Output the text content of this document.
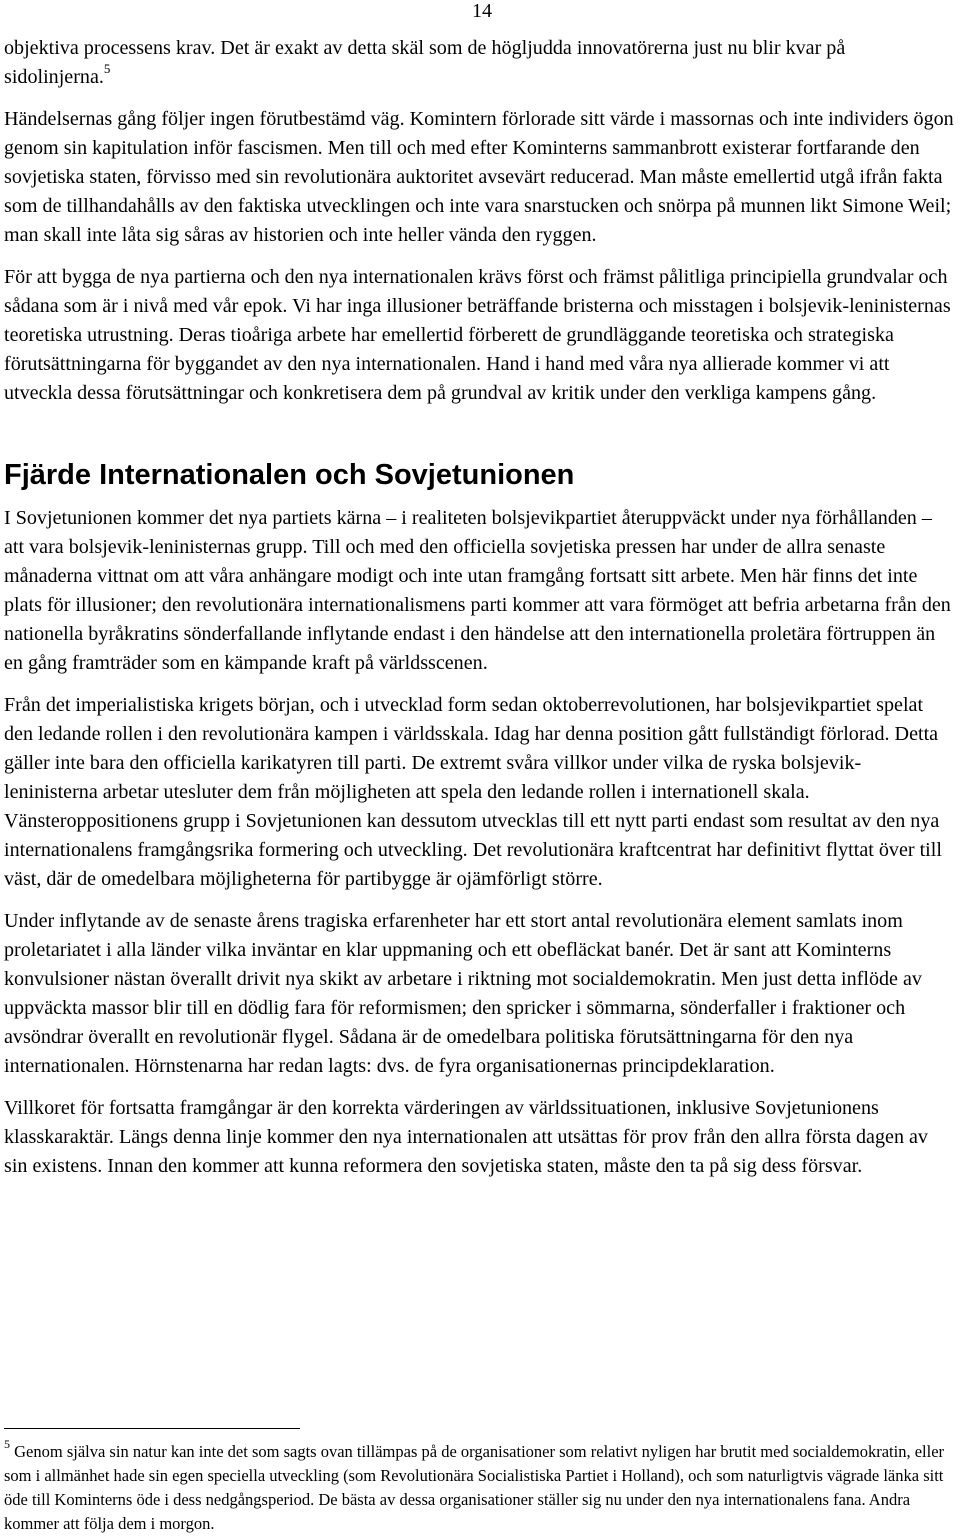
14

objektiva processens krav. Det är exakt av detta skäl som de högljudda innovatörerna just nu blir kvar på sidolinjerna.$^5$

Händelsernas gång följer ingen förutbestämd väg. Komintern förlorade sitt värde i massornas och inte individers ögon genom sin kapitulation inför fascismen. Men till och med efter Kominterns sammanbrott existerar fortfarande den sovjetiska staten, förvisso med sin revolutionära auktoritet avsevärt reducerad. Man måste emellertid utgå ifrån fakta som de tillhandahålls av den faktiska utvecklingen och inte vara snarstucken och snörpa på munnen likt Simone Weil; man skall inte låta sig såras av historien och inte heller vända den ryggen.

För att bygga de nya partierna och den nya internationalen krävs först och främst pålitliga principiella grundvalar och sådana som är i nivå med vår epok. Vi har inga illusioner beträffande bristerna och misstagen i bolsjevik-leninisternas teoretiska utrustning. Deras tioåriga arbete har emellertid förberett de grundläggande teoretiska och strategiska förutsättningarna för byggandet av den nya internationalen. Hand i hand med våra nya allierade kommer vi att utveckla dessa förutsättningar och konkretisera dem på grundval av kritik under den verkliga kampens gång.

Fjärde Internationalen och Sovjetunionen

I Sovjetunionen kommer det nya partiets kärna – i realiteten bolsjevikpartiet återuppväckt under nya förhållanden – att vara bolsjevik-leninisternas grupp. Till och med den officiella sovjetiska pressen har under de allra senaste månaderna vittnat om att våra anhängare modigt och inte utan framgång fortsatt sitt arbete. Men här finns det inte plats för illusioner; den revolutionära internationalismens parti kommer att vara förmöget att befria arbetarna från den nationella byråkratins sönderfallande inflytande endast i den händelse att den internationella proletära förtruppen än en gång framträder som en kämpande kraft på världsscenen.

Från det imperialistiska krigets början, och i utvecklad form sedan oktoberrevolutionen, har bolsjevikpartiet spelat den ledande rollen i den revolutionära kampen i världsskala. Idag har denna position gått fullständigt förlorad. Detta gäller inte bara den officiella karikatyren till parti. De extremt svåra villkor under vilka de ryska bolsjevik-leninisterna arbetar utesluter dem från möjligheten att spela den ledande rollen i internationell skala. Vänsteroppositionens grupp i Sovjetunionen kan dessutom utvecklas till ett nytt parti endast som resultat av den nya internationalens framgångsrika formering och utveckling. Det revolutionära kraftcentrat har definitivt flyttat över till väst, där de omedelbara möjligheterna för partibygge är ojämförligt större.

Under inflytande av de senaste årens tragiska erfarenheter har ett stort antal revolutionära element samlats inom proletariatet i alla länder vilka inväntar en klar uppmaning och ett obefläckat banér. Det är sant att Kominterns konvulsioner nästan överallt drivit nya skikt av arbetare i riktning mot socialdemokratin. Men just detta inflöde av uppväckta massor blir till en dödlig fara för reformismen; den spricker i sömmarna, sönderfaller i fraktioner och avsöndrar överallt en revolutionär flygel. Sådana är de omedelbara politiska förutsättningarna för den nya internationalen. Hörnstenarna har redan lagts: dvs. de fyra organisationernas principdeklaration.

Villkoret för fortsatta framgångar är den korrekta värderingen av världssituationen, inklusive Sovjetunionens klasskaraktär. Längs denna linje kommer den nya internationalen att utsättas för prov från den allra första dagen av sin existens. Innan den kommer att kunna reformera den sovjetiska staten, måste den ta på sig dess försvar.

$^5$ Genom själva sin natur kan inte det som sagts ovan tillämpas på de organisationer som relativt nyligen har brutit med socialdemokratin, eller som i allmänhet hade sin egen speciella utveckling (som Revolutionära Socialistiska Partiet i Holland), och som naturligtvis vägrade länka sitt öde till Kominterns öde i dess nedgångsperiod. De bästa av dessa organisationer ställer sig nu under den nya internationalens fana. Andra kommer att följa dem i morgon.
